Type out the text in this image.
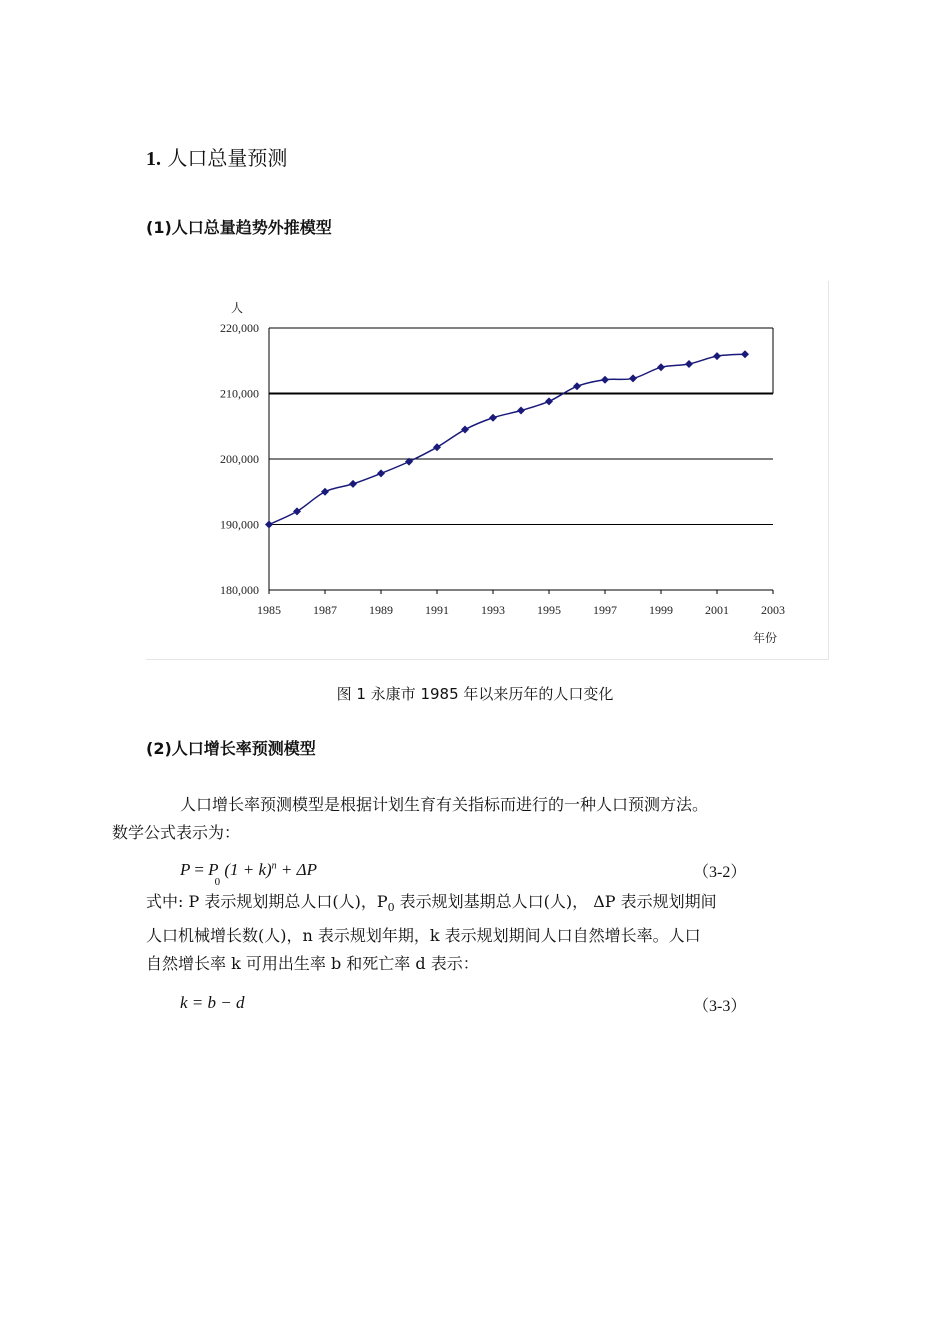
1. 人口总量预测
(1)人口总量趋势外推模型
180,000
190,000
200,000
210,000
220,000
1985	1987	1989	1991	1993	1995	1997	1999	2001	2003
人
年份
图 1 永康市 1985 年以来历年的人口变化
(2)人口增长率预测模型
人口增长率预测模型是根据计划生育有关指标而进行的一种人口预测方法。
数学公式表示为：
$P = P_0$ $(1 + k)^n + \Delta P$	（3-2）
式中: P 表示规划期总人口(人)，$P_0$ 表示规划基期总人口(人)， ΔP 表示规划期间
人口机械增长数(人)，n 表示规划年期，k 表示规划期间人口自然增长率。人口
自然增长率 k 可用出生率 b 和死亡率 d 表示：
k = b − d	（3-3）
